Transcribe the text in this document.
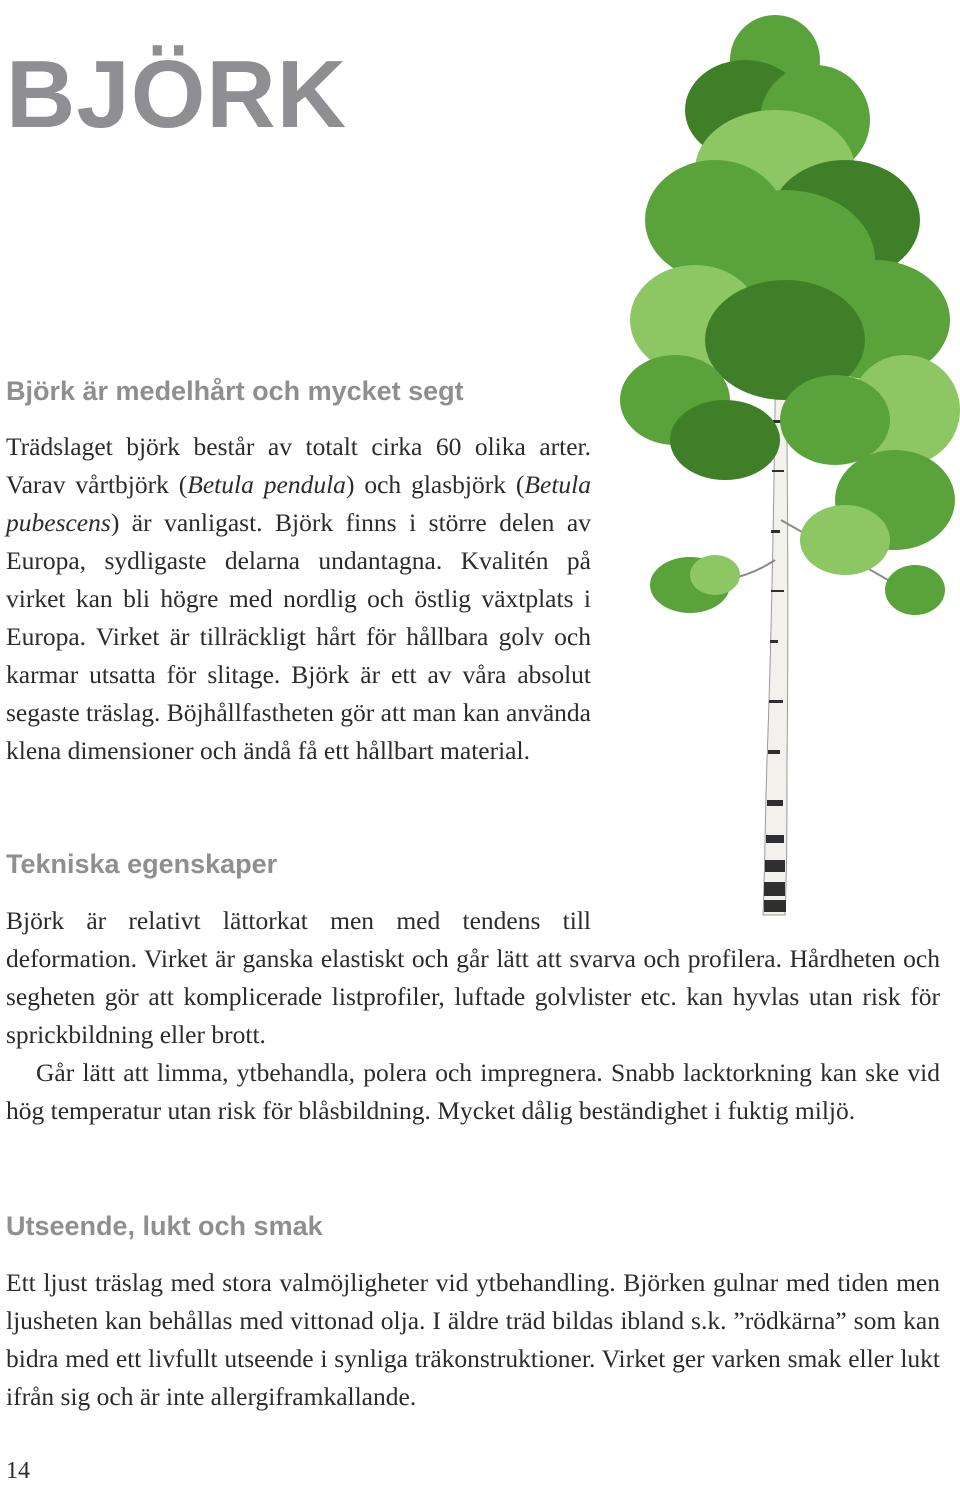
BJÖRK
Björk är medelhårt och mycket segt

Trädslaget björk består av totalt cirka 60 olika arter. Varav vårtbjörk (Betula pendula) och glasbjörk (Betula pubescens) är vanligast. Björk finns i större delen av Europa, sydligaste delarna undantagna. Kvalitén på virket kan bli högre med nordlig och östlig växtplats i Europa. Virket är tillräckligt hårt för hållbara golv och karmar utsatta för slitage. Björk är ett av våra absolut segaste träslag. Böjhållfastheten gör att man kan använda klena dimensioner och ändå få ett hållbart material.

Tekniska egenskaper

Björk är relativt lättorkat men med tendens till

deformation. Virket är ganska elastiskt och går lätt att svarva och profilera. Hårdheten och segheten gör att komplicerade listprofiler, luftade golvlister etc. kan hyvlas utan risk för sprickbildning eller brott.

Går lätt att limma, ytbehandla, polera och impregnera. Snabb lacktorkning kan ske vid hög temperatur utan risk för blåsbildning. Mycket dålig beständighet i fuktig miljö.

Utseende, lukt och smak

Ett ljust träslag med stora valmöjligheter vid ytbehandling. Björken gulnar med tiden men ljusheten kan behållas med vittonad olja. I äldre träd bildas ibland s.k. ”rödkärna” som kan bidra med ett livfullt utseende i synliga träkonstruktioner. Virket ger varken smak eller lukt ifrån sig och är inte allergiframkallande.

14
